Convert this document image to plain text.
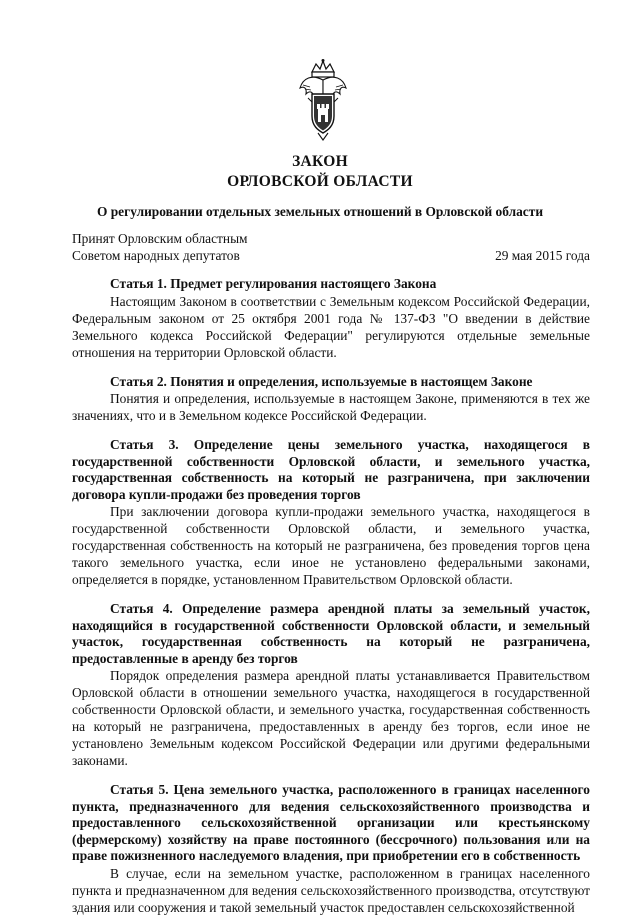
ЗАКОН
ОРЛОВСКОЙ ОБЛАСТИ
О регулировании отдельных земельных отношений в Орловской области
Принят Орловским областным
Советом народных депутатов	29 мая 2015 года

Статья 1. Предмет регулирования настоящего Закона

Настоящим Законом в соответствии с Земельным кодексом Российской Федерации, Федеральным законом от 25 октября 2001 года № 137-ФЗ "О введении в действие Земельного кодекса Российской Федерации" регулируются отдельные земельные отношения на территории Орловской области.

Статья 2. Понятия и определения, используемые в настоящем Законе

Понятия и определения, используемые в настоящем Законе, применяются в тех же значениях, что и в Земельном кодексе Российской Федерации.

Статья 3. Определение цены земельного участка, находящегося в государственной собственности Орловской области, и земельного участка, государственная собственность на который не разграничена, при заключении договора купли-продажи без проведения торгов

При заключении договора купли-продажи земельного участка, находящегося в государственной собственности Орловской области, и земельного участка, государственная собственность на который не разграничена, без проведения торгов цена такого земельного участка, если иное не установлено федеральными законами, определяется в порядке, установленном Правительством Орловской области.

Статья 4. Определение размера арендной платы за земельный участок, находящийся в государственной собственности Орловской области, и земельный участок, государственная собственность на который не разграничена, предоставленные в аренду без торгов

Порядок определения размера арендной платы устанавливается Правительством Орловской области в отношении земельного участка, находящегося в государственной собственности Орловской области, и земельного участка, государственная собственность на который не разграничена, предоставленных в аренду без торгов, если иное не установлено Земельным кодексом Российской Федерации или другими федеральными законами.

Статья 5. Цена земельного участка, расположенного в границах населенного пункта, предназначенного для ведения сельскохозяйственного производства и предоставленного сельскохозяйственной организации или крестьянскому (фермерскому) хозяйству на праве постоянного (бессрочного) пользования или на праве пожизненного наследуемого владения, при приобретении его в собственность

В случае, если на земельном участке, расположенном в границах населенного пункта и предназначенном для ведения сельскохозяйственного производства, отсутствуют здания или сооружения и такой земельный участок предоставлен сельскохозяйственной
